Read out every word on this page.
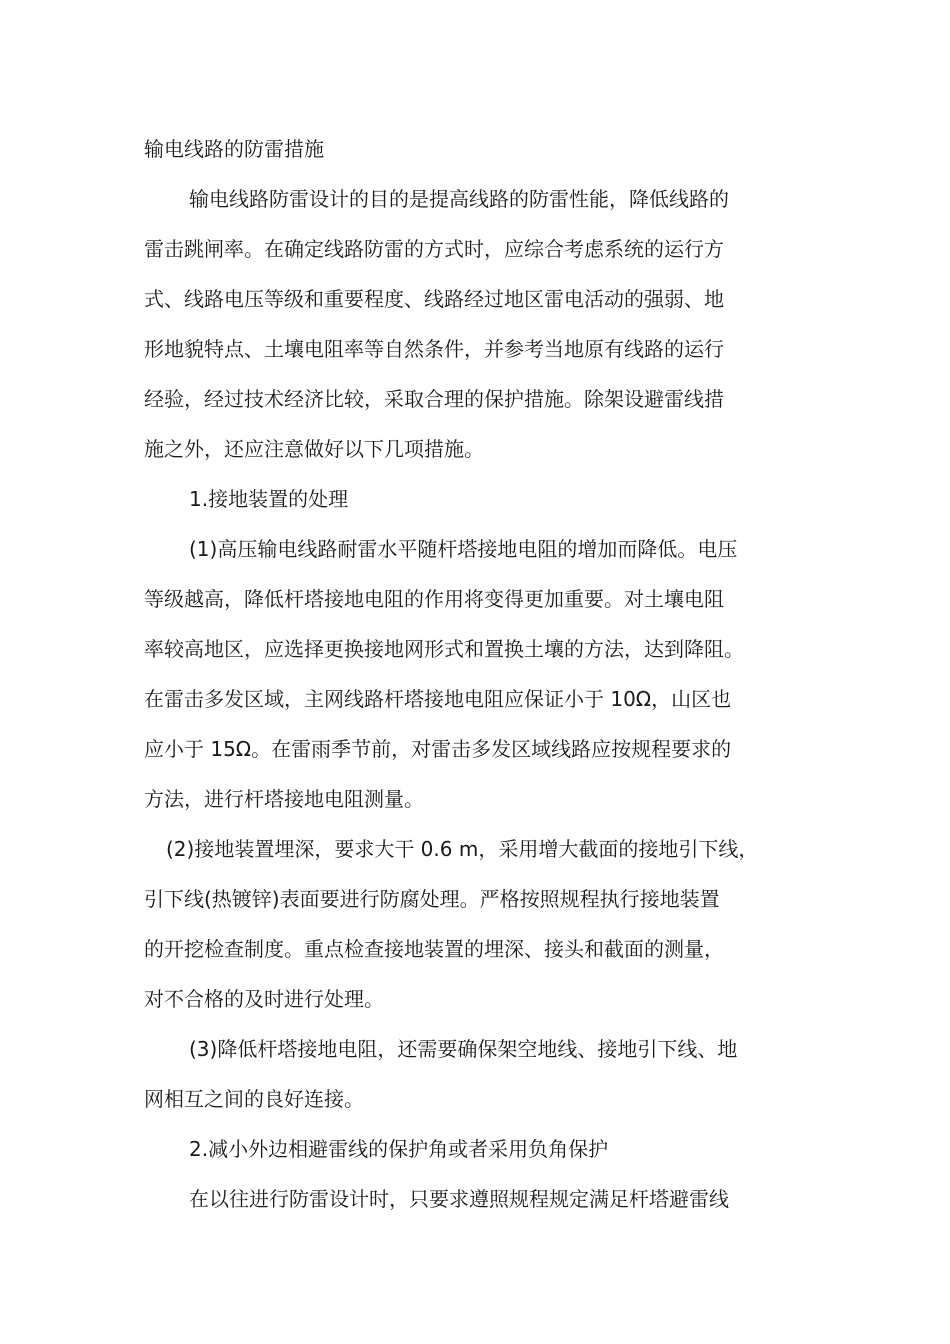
输电线路的防雷措施
输电线路防雷设计的目的是提高线路的防雷性能，降低线路的
雷击跳闸率。在确定线路防雷的方式时，应综合考虑系统的运行方
式、线路电压等级和重要程度、线路经过地区雷电活动的强弱、地
形地貌特点、土壤电阻率等自然条件，并参考当地原有线路的运行
经验，经过技术经济比较，采取合理的保护措施。除架设避雷线措
施之外，还应注意做好以下几项措施。
1.接地装置的处理
(1)高压输电线路耐雷水平随杆塔接地电阻的增加而降低。电压
等级越高，降低杆塔接地电阻的作用将变得更加重要。对土壤电阻
率较高地区，应选择更换接地网形式和置换土壤的方法，达到降阻。
在雷击多发区域，主网线路杆塔接地电阻应保证小于 10Ω，山区也
应小于 15Ω。在雷雨季节前，对雷击多发区域线路应按规程要求的
方法，进行杆塔接地电阻测量。
(2)接地装置埋深，要求大干 0.6 m，采用增大截面的接地引下线，
引下线(热镀锌)表面要进行防腐处理。严格按照规程执行接地装置
的开挖检查制度。重点检查接地装置的埋深、接头和截面的测量，
对不合格的及时进行处理。
(3)降低杆塔接地电阻，还需要确保架空地线、接地引下线、地
网相互之间的良好连接。
2.减小外边相避雷线的保护角或者采用负角保护
在以往进行防雷设计时，只要求遵照规程规定满足杆塔避雷线
